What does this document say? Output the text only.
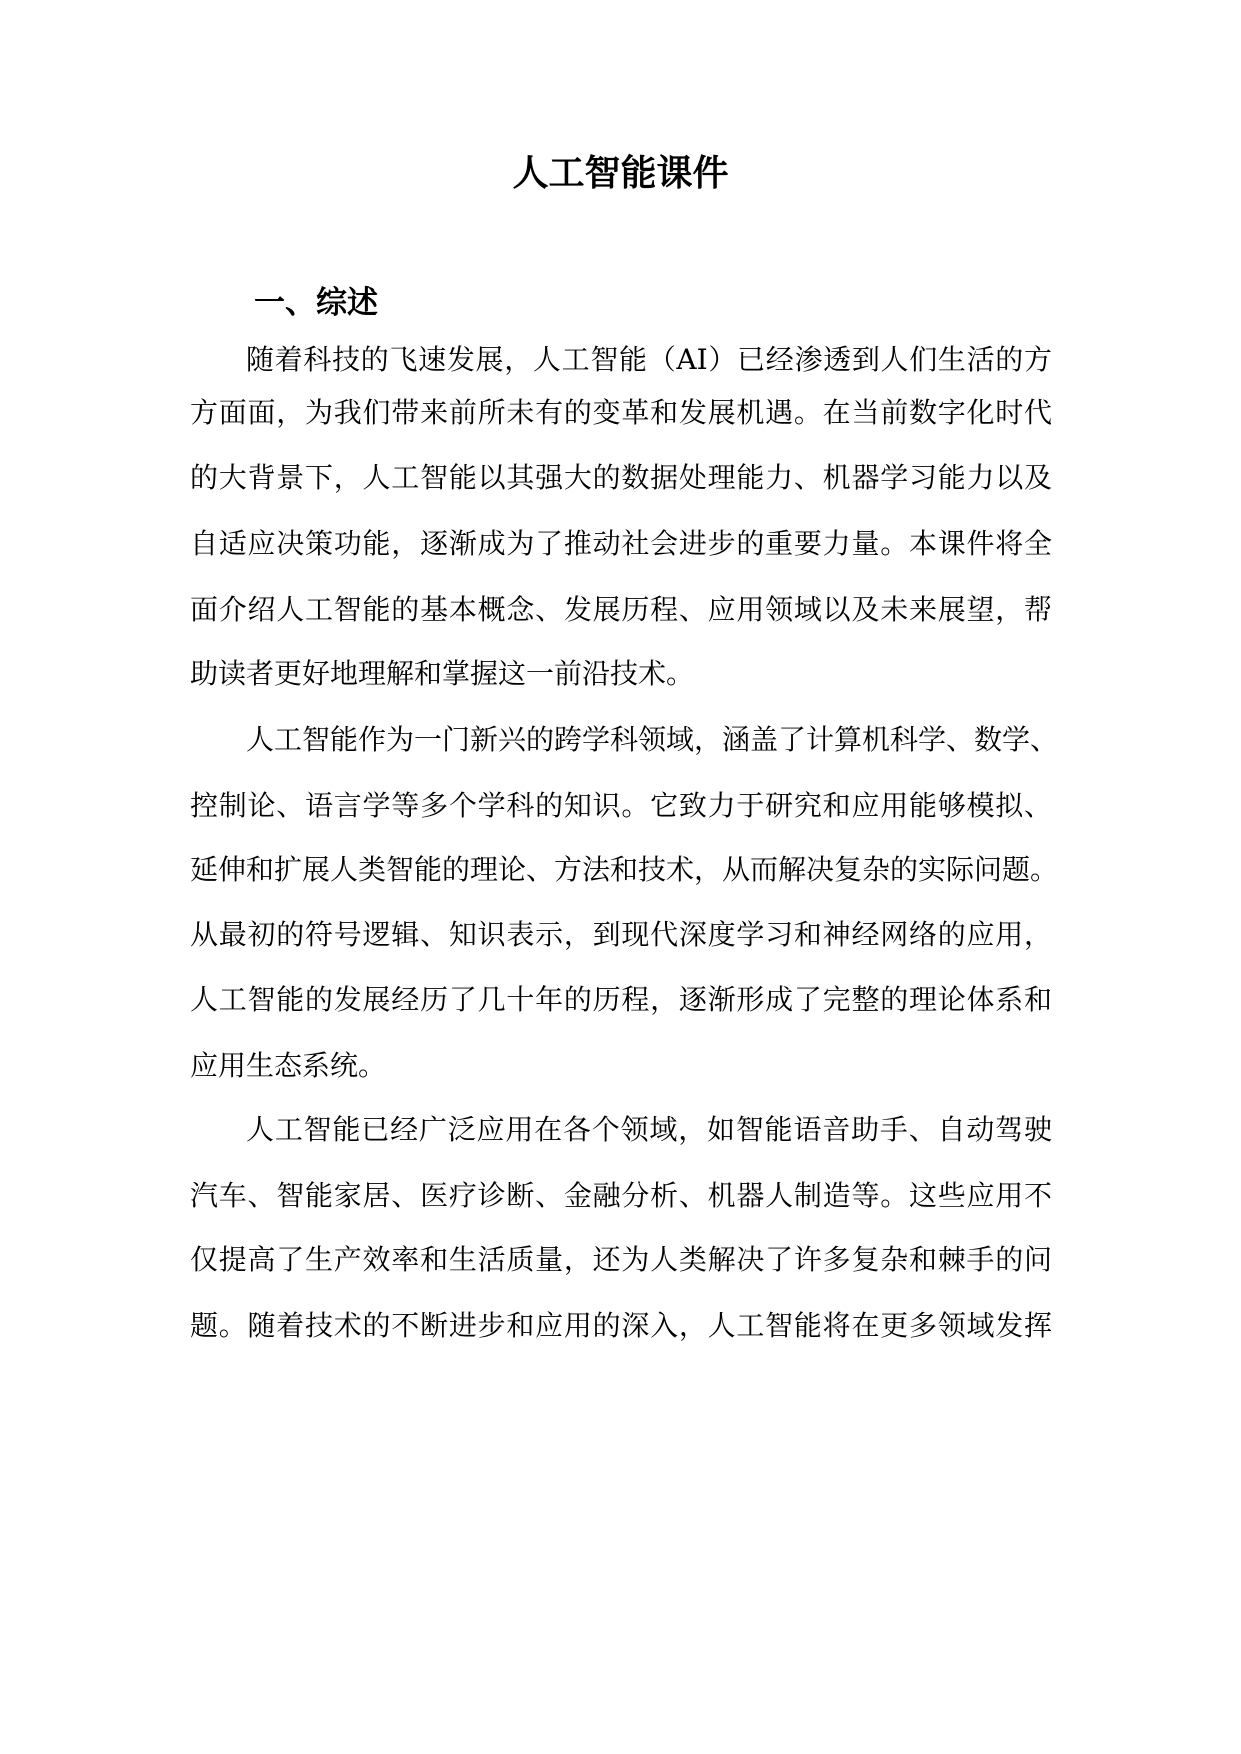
人工智能课件
一、综述
随着科技的飞速发展，人工智能（AI）已经渗透到人们生活的方
方面面，为我们带来前所未有的变革和发展机遇。在当前数字化时代
的大背景下，人工智能以其强大的数据处理能力、机器学习能力以及
自适应决策功能，逐渐成为了推动社会进步的重要力量。本课件将全
面介绍人工智能的基本概念、发展历程、应用领域以及未来展望，帮
助读者更好地理解和掌握这一前沿技术。
人工智能作为一门新兴的跨学科领域，涵盖了计算机科学、数学、
控制论、语言学等多个学科的知识。它致力于研究和应用能够模拟、
延伸和扩展人类智能的理论、方法和技术，从而解决复杂的实际问题。
从最初的符号逻辑、知识表示，到现代深度学习和神经网络的应用，
人工智能的发展经历了几十年的历程，逐渐形成了完整的理论体系和
应用生态系统。
人工智能已经广泛应用在各个领域，如智能语音助手、自动驾驶
汽车、智能家居、医疗诊断、金融分析、机器人制造等。这些应用不
仅提高了生产效率和生活质量，还为人类解决了许多复杂和棘手的问
题。随着技术的不断进步和应用的深入，人工智能将在更多领域发挥
